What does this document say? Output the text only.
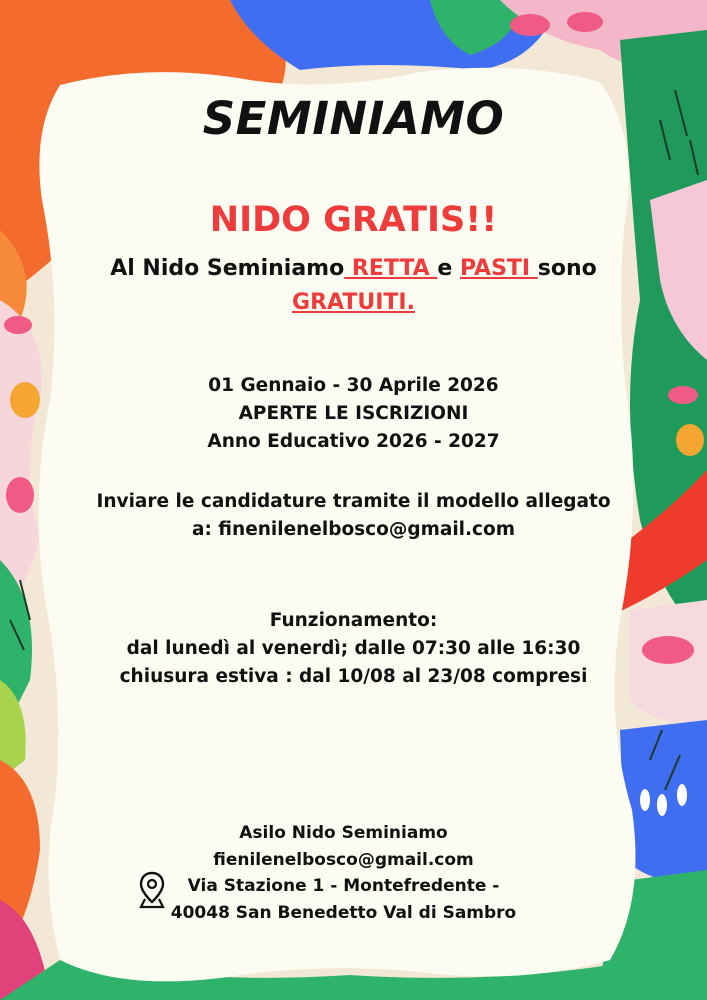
SEMINIAMO
NIDO GRATIS!!
Al Nido Seminiamo RETTA e PASTI sono
GRATUITI.
01 Gennaio - 30 Aprile 2026
APERTE LE ISCRIZIONI
Anno Educativo 2026 - 2027
Inviare le candidature tramite il modello allegato
a: finenilenelbosco@gmail.com
Funzionamento:
dal lunedì al venerdì; dalle 07:30 alle 16:30
chiusura estiva : dal 10/08 al 23/08 compresi
Asilo Nido Seminiamo
fienilenelbosco@gmail.com
Via Stazione 1 - Montefredente -
40048 San Benedetto Val di Sambro
